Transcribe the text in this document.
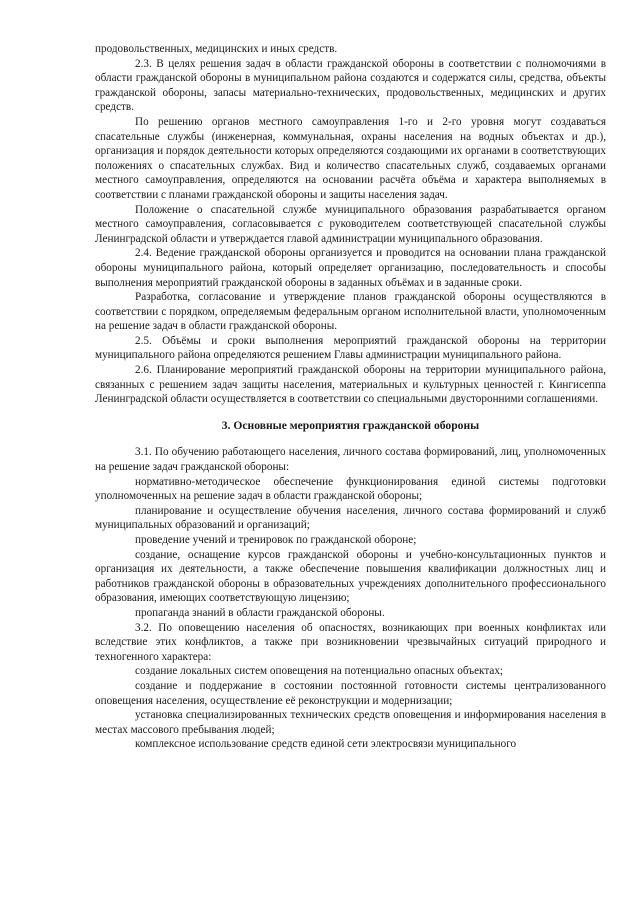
продовольственных, медицинских и иных средств.

2.3. В целях решения задач в области гражданской обороны в соответствии с полномочиями в области гражданской обороны в муниципальном района создаются и содержатся силы, средства, объекты гражданской обороны, запасы материально-технических, продовольственных, медицинских и других средств.

По решению органов местного самоуправления 1-го и 2-го уровня могут создаваться спасательные службы (инженерная, коммунальная, охраны населения на водных объектах и др.), организация и порядок деятельности которых определяются создающими их органами в соответствующих положениях о спасательных службах. Вид и количество спасательных служб, создаваемых органами местного самоуправления, определяются на основании расчёта объёма и характера выполняемых в соответствии с планами гражданской обороны и защиты населения задач.

Положение о спасательной службе муниципального образования разрабатывается органом местного самоуправления, согласовывается с руководителем соответствующей спасательной службы Ленинградской области и утверждается главой администрации муниципального образования.

2.4. Ведение гражданской обороны организуется и проводится на основании плана гражданской обороны муниципального района, который определяет организацию, последовательность и способы выполнения мероприятий гражданской обороны в заданных объёмах и в заданные сроки.

Разработка, согласование и утверждение планов гражданской обороны осуществляются в соответствии с порядком, определяемым федеральным органом исполнительной власти, уполномоченным на решение задач в области гражданской обороны.

2.5. Объёмы и сроки выполнения мероприятий гражданской обороны на территории муниципального района определяются решением Главы администрации муниципального района.

2.6. Планирование мероприятий гражданской обороны на территории муниципального района, связанных с решением задач защиты населения, материальных и культурных ценностей г. Кингисеппа Ленинградской области осуществляется в соответствии со специальными двусторонними соглашениями.

3. Основные мероприятия гражданской обороны

3.1. По обучению работающего населения, личного состава формирований, лиц, уполномоченных на решение задач гражданской обороны:

нормативно-методическое обеспечение функционирования единой системы подготовки уполномоченных на решение задач в области гражданской обороны;

планирование и осуществление обучения населения, личного состава формирований и служб муниципальных образований и организаций;

проведение учений и тренировок по гражданской обороне;

создание, оснащение курсов гражданской обороны и учебно-консультационных пунктов и организация их деятельности, а также обеспечение повышения квалификации должностных лиц и работников гражданской обороны в образовательных учреждениях дополнительного профессионального образования, имеющих соответствующую лицензию;

пропаганда знаний в области гражданской обороны.

3.2. По оповещению населения об опасностях, возникающих при военных конфликтах или вследствие этих конфликтов, а также при возникновении чрезвычайных ситуаций природного и техногенного характера:

создание локальных систем оповещения на потенциально опасных объектах;

создание и поддержание в состоянии постоянной готовности системы централизованного оповещения населения, осуществление её реконструкции и модернизации;

установка специализированных технических средств оповещения и информирования населения в местах массового пребывания людей;

комплексное использование средств единой сети электросвязи муниципального
